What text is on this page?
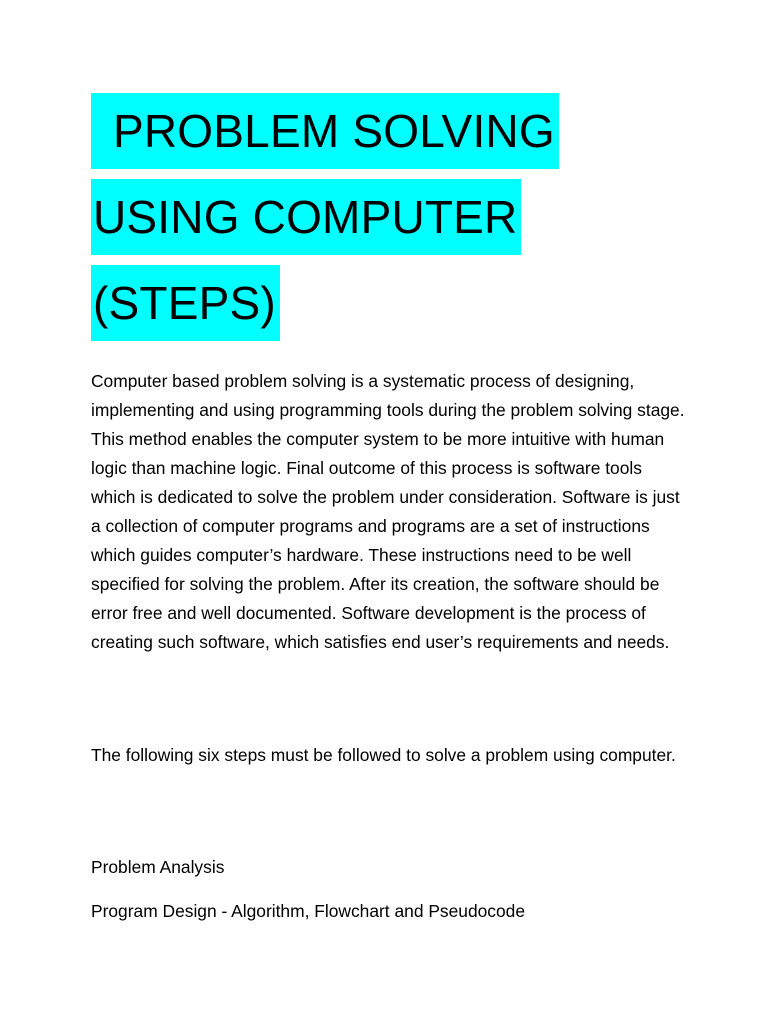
PROBLEM SOLVING
USING COMPUTER
(STEPS)

Computer based problem solving is a systematic process of designing, implementing and using programming tools during the problem solving stage. This method enables the computer system to be more intuitive with human logic than machine logic. Final outcome of this process is software tools which is dedicated to solve the problem under consideration. Software is just a collection of computer programs and programs are a set of instructions which guides computer’s hardware. These instructions need to be well specified for solving the problem. After its creation, the software should be error free and well documented. Software development is the process of creating such software, which satisfies end user’s requirements and needs.

The following six steps must be followed to solve a problem using computer.

Problem Analysis

Program Design - Algorithm, Flowchart and Pseudocode
